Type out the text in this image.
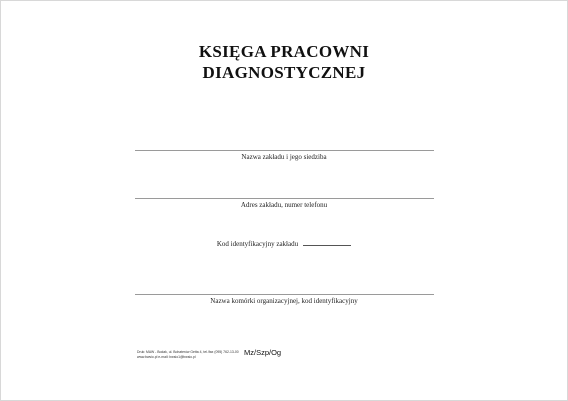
KSIĘGA PRACOWNI
DIAGNOSTYCZNEJ
Nazwa zakładu i jego siedziba
Adres zakładu, numer telefonu
Kod identyfikacyjny zakładu
Nazwa komórki organizacyjnej, kod identyfikacyjny
Druk: MAW - Bodak, ul. Bohaterów Getta 4, tel./fax (095) 762-13-00
www.bwsio.pl e-mail: bwsio1@bwsio.pl	Mz/Szp/Og
